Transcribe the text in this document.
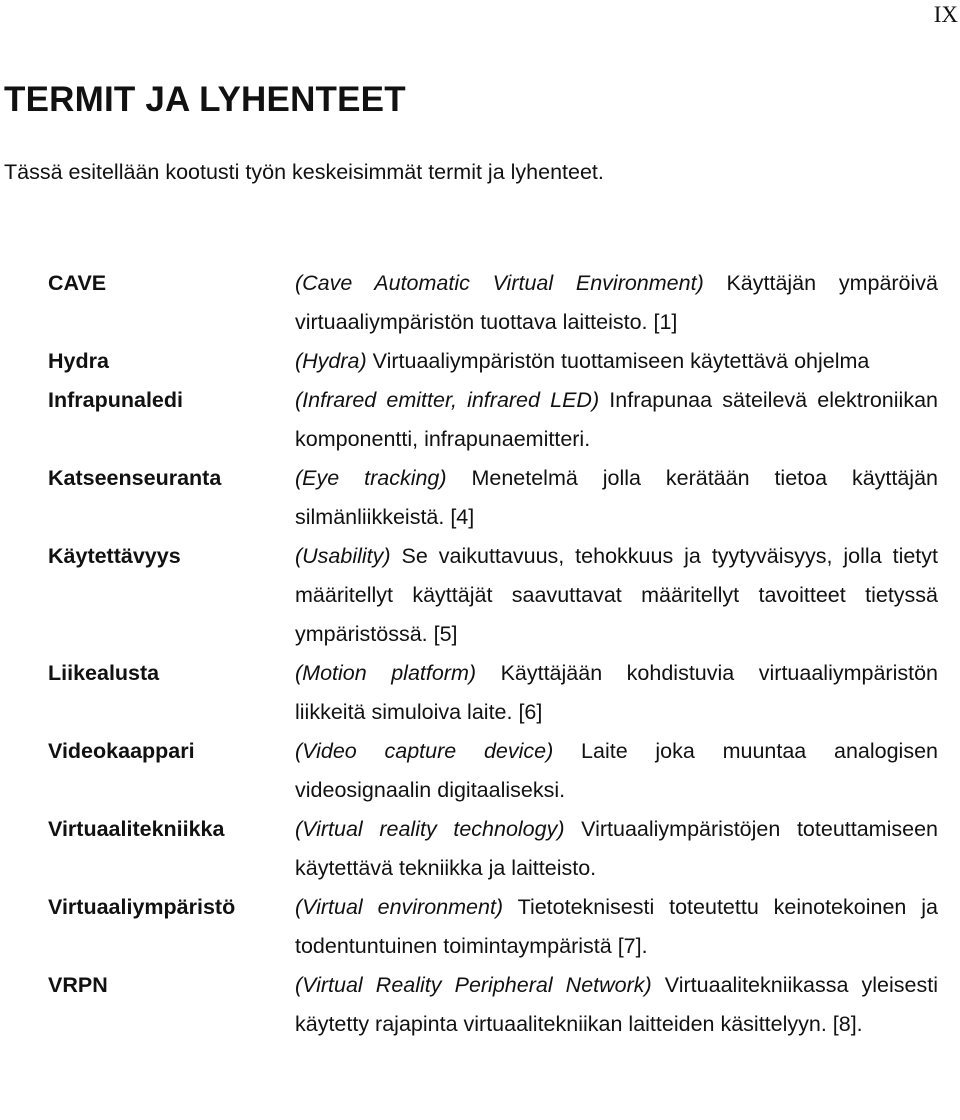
IX
TERMIT JA LYHENTEET

Tässä esitellään kootusti työn keskeisimmät termit ja lyhenteet.

CAVE	(Cave Automatic Virtual Environment) Käyttäjän ympäröivä virtuaaliympäristön tuottava laitteisto. [1]
Hydra	(Hydra) Virtuaaliympäristön tuottamiseen käytettävä ohjelma
Infrapunaledi	(Infrared emitter, infrared LED) Infrapunaa säteilevä elektroniikan komponentti, infrapunaemitteri.
Katseenseuranta	(Eye tracking) Menetelmä jolla kerätään tietoa käyttäjän silmänliikkeistä. [4]
Käytettävyys	(Usability) Se vaikuttavuus, tehokkuus ja tyytyväisyys, jolla tietyt määritellyt käyttäjät saavuttavat määritellyt tavoitteet tietyssä ympäristössä. [5]
Liikealusta	(Motion platform) Käyttäjään kohdistuvia virtuaaliympäristön liikkeitä simuloiva laite. [6]
Videokaappari	(Video capture device) Laite joka muuntaa analogisen videosignaalin digitaaliseksi.
Virtuaalitekniikka	(Virtual reality technology) Virtuaaliympäristöjen toteuttamiseen käytettävä tekniikka ja laitteisto.
Virtuaaliympäristö	(Virtual environment) Tietoteknisesti toteutettu keinotekoinen ja todentuntuinen toimintaympäristä [7].
VRPN	(Virtual Reality Peripheral Network) Virtuaalitekniikassa yleisesti käytetty rajapinta virtuaalitekniikan laitteiden käsittelyyn. [8].
